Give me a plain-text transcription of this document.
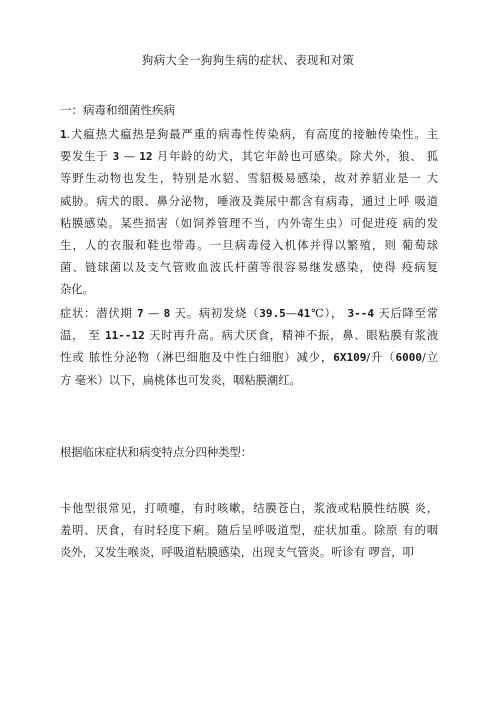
狗病大全一狗狗生病的症状、表现和对策
一：病毒和细菌性疾病
1.犬瘟热犬瘟热是狗最严重的病毒性传染病，有高度的接触传染性。主
要发生于 3 — 12 月年龄的幼犬，其它年龄也可感染。除犬外，狼、 狐
等野生动物也发生，特别是水貂、雪貂极易感染，故对养貂业是一 大
威胁。病犬的眼、鼻分泌物，唾液及粪尿中都含有病毒，通过上呼 吸道
粘膜感染。某些损害（如饲养管理不当，内外寄生虫）可促进疫 病的发
生，人的衣服和鞋也带毒。一旦病毒侵入机体并得以繁殖，则 葡萄球
菌、链球菌以及支气管败血波氏杆菌等很容易继发感染，使得 疫病复
杂化。
症状：潜伏期 7 — 8 天。病初发烧（39.5—41℃）， 3--4 天后降至常
温， 至 11--12 天时再升高。病犬厌食，精神不振，鼻、眼粘膜有浆液
性或 脓性分泌物（淋巴细胞及中性白细胞）减少，6X109/升（6000/立
方 毫米）以下，扁桃体也可发炎，咽粘膜潮红。
根据临床症状和病变特点分四种类型：
卡他型很常见，打喷嚏，有时咳嗽，结膜苍白，浆液或粘膜性结膜 炎，
羞明、厌食，有时轻度下痢。随后呈呼吸道型，症状加重。除原 有的咽
炎外，又发生喉炎，呼吸道粘膜感染，出现支气管炎。听诊有 啰音，叩
